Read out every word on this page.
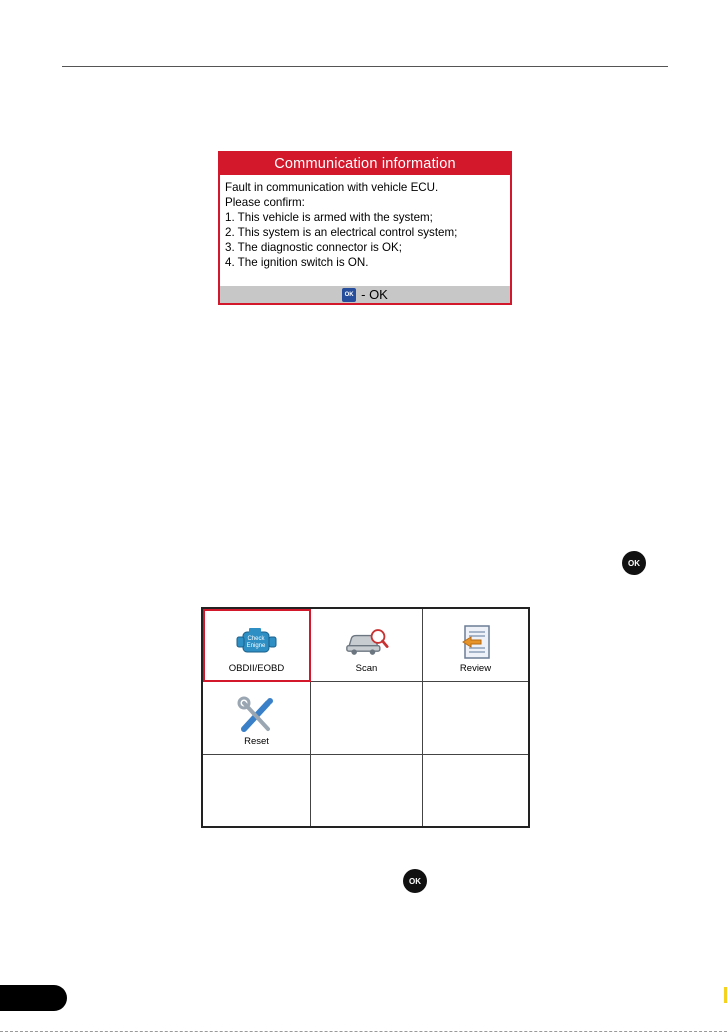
Communication information
Fault in communication with vehicle ECU.
Please confirm:
1. This vehicle is armed with the system;
2. This system is an electrical control system;
3. The diagnostic connector is OK;
4. The ignition switch is ON.
OK - OK
OK
Check
Enigne
OBDII/EOBD	Scan	Review
Reset
OK
